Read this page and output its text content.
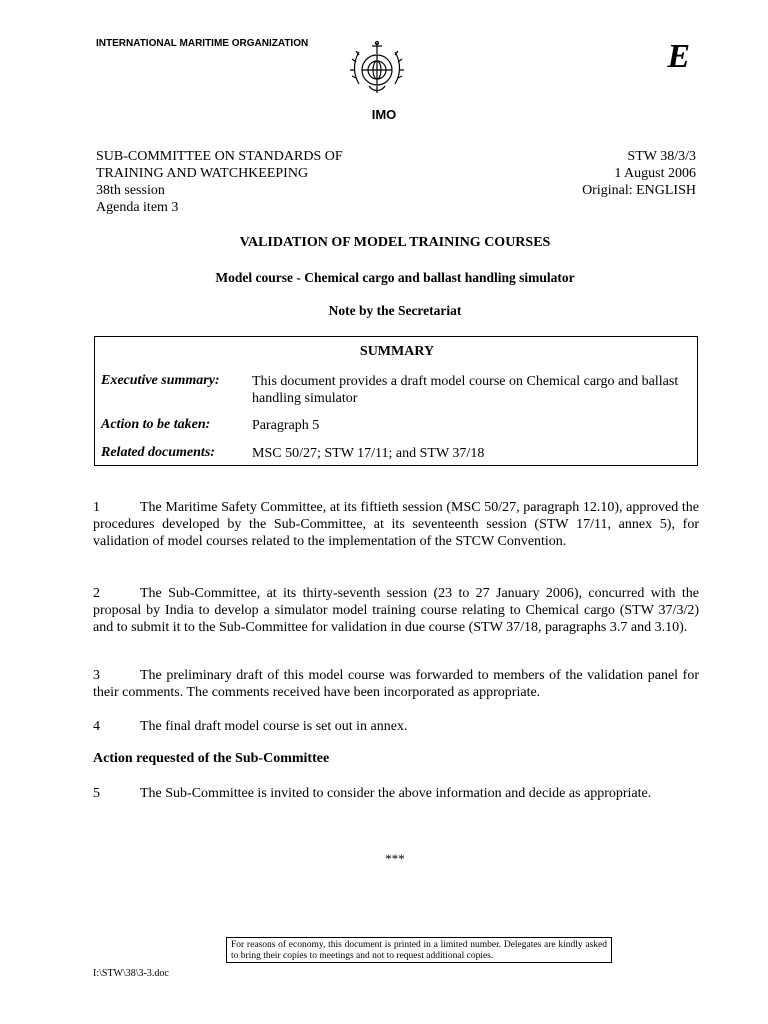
INTERNATIONAL MARITIME ORGANIZATION	E
IMO
SUB-COMMITTEE ON STANDARDS OF
TRAINING AND WATCHKEEPING
38th session
Agenda item 3
STW 38/3/3
1 August 2006
Original: ENGLISH
VALIDATION OF MODEL TRAINING COURSES
Model course - Chemical cargo and ballast handling simulator
Note by the Secretariat
SUMMARY
Executive summary: This document provides a draft model course on Chemical cargo and ballast handling simulator
Action to be taken:	Paragraph 5
Related documents:	MSC 50/27; STW 17/11; and STW 37/18
1	The Maritime Safety Committee, at its fiftieth session (MSC 50/27, paragraph 12.10), approved the procedures developed by the Sub-Committee, at its seventeenth session (STW 17/11, annex 5), for validation of model courses related to the implementation of the STCW Convention.
2	The Sub-Committee, at its thirty-seventh session (23 to 27 January 2006), concurred with the proposal by India to develop a simulator model training course relating to Chemical cargo (STW 37/3/2) and to submit it to the Sub-Committee for validation in due course (STW 37/18, paragraphs 3.7 and 3.10).
3	The preliminary draft of this model course was forwarded to members of the validation panel for their comments. The comments received have been incorporated as appropriate.
4	The final draft model course is set out in annex.
Action requested of the Sub-Committee
5	The Sub-Committee is invited to consider the above information and decide as appropriate.
***
For reasons of economy, this document is printed in a limited number. Delegates are kindly asked to bring their copies to meetings and not to request additional copies.
I:\STW\38\3-3.doc
